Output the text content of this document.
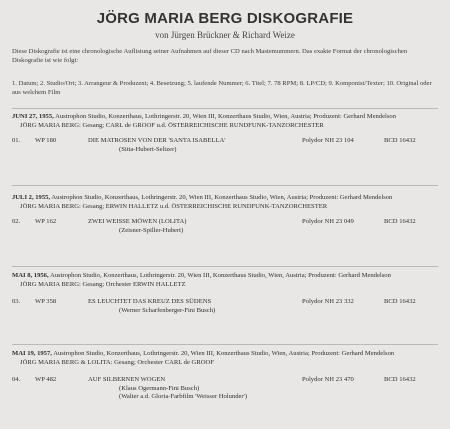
JÖRG MARIA BERG DISKOGRAFIE
von Jürgen Brückner & Richard Weize
Diese Diskografie ist eine chronologische Auflistung seiner Aufnahmen auf dieser CD nach Mastemummern. Das exakte Format der chronologischen Diskografie ist wie folgt:
1. Datum; 2. Studio/Ort; 3. Arrangeur & Produzent; 4. Besetzung; 5. laufende Nummer; 6. Titel; 7. 78 RPM; 8. LP/CD; 9. Komponist/Texter; 10. Original oder aus welchem Film
JUNI 27, 1955, Austrophon Studio, Konzerthaus, Lothringerstr. 20, Wien III, Konzerthaus Studio, Wien, Austria; Produzent: Gerhard Mendelson
JÖRG MARIA BERG: Gesang; CARL de GROOF u.d. ÖSTERREICHISCHE RUNDFUNK-TANZORCHESTER
01. WP 180	DIE MATROSEN VON DER 'SANTA ISABELLA'	Polydor NH 23 104	BCD 16432
(Sitta-Hubert-Seltzer)
JULI 2, 1955, Austrophon Studio, Konzerthaus, Lothringerstr. 20, Wien III, Konzerthaus Studio, Wien, Austria; Produzent: Gerhard Mendelson
JÖRG MARIA BERG: Gesang; ERWIN HALLETZ u.d. ÖSTERREICHISCHE RUNDFUNK-TANZORCHESTER
02. WP 162	ZWEI WEISSE MÖWEN (LOLITA)	Polydor NH 23 049	BCD 16432
(Zeisner-Spiller-Hubert)
MAI 8, 1956, Austrophon Studio, Konzerthaus, Lothringerstr. 20, Wien III, Konzerthaus Studio, Wien, Austria; Produzent: Gerhard Mendelson
JÖRG MARIA BERG: Gesang; Orchester ERWIN HALLETZ
03. WP 358	ES LEUCHTET DAS KREUZ DES SÜDENS	Polydor NH 23 332	BCD 16432
(Werner Scharfenberger-Fini Busch)
MAI 19, 1957, Austrophon Studio, Konzerthaus, Lothringerstr. 20, Wien III, Konzerthaus Studio, Wien, Austria; Produzent: Gerhard Mendelson
JÖRG MARIA BERG & LOLITA: Gesang; Orchester CARL de GROOF
04. WP 482	AUF SILBERNEN WOGEN	Polydor NH 23 470	BCD 16432
(Klaus Ogermann-Fini Busch)
(Walter a.d. Gloria-Farbfilm 'Weisser Holunder')
